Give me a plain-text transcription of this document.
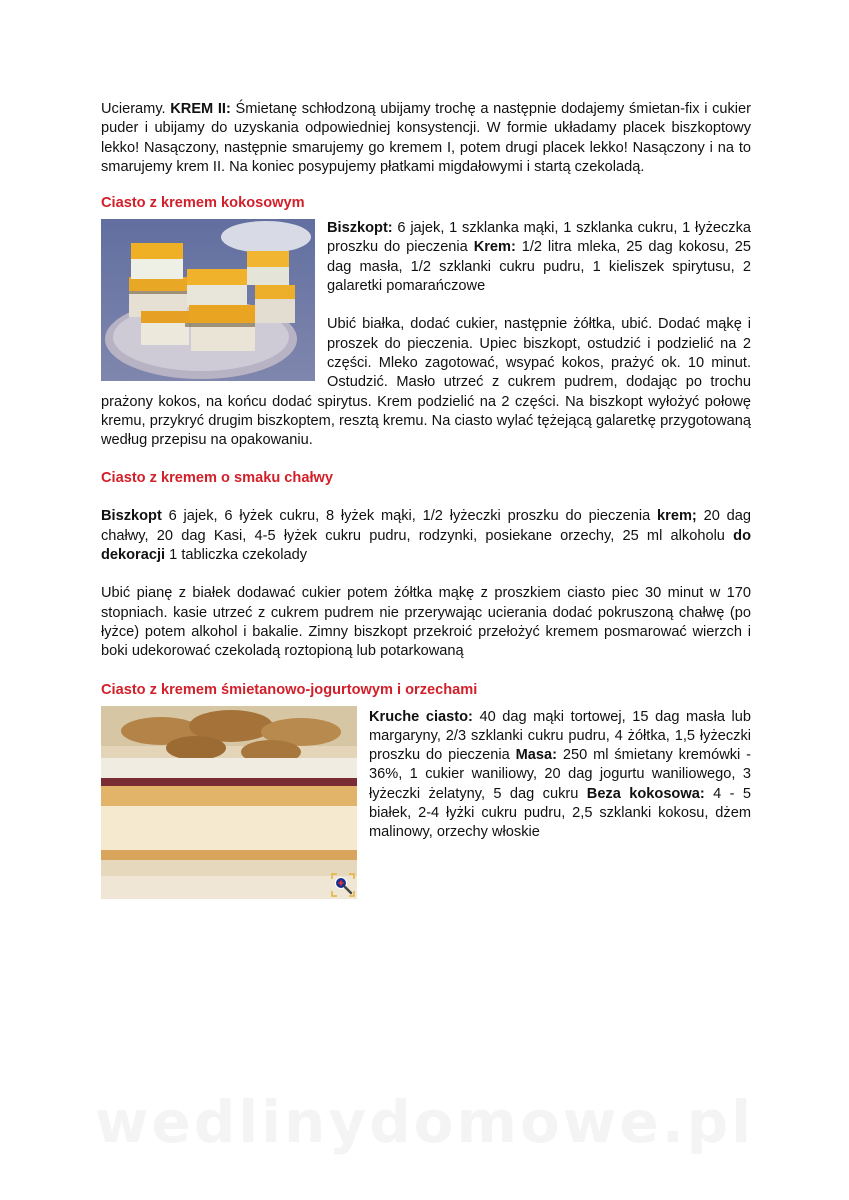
Ucieramy. KREM II: Śmietanę schłodzoną ubijamy trochę a następnie dodajemy śmietan-fix i cukier puder i ubijamy do uzyskania odpowiedniej konsystencji. W formie układamy placek biszkoptowy lekko! Nasączony, następnie smarujemy go kremem I, potem drugi placek lekko! Nasączony i na to smarujemy krem II. Na koniec posypujemy płatkami migdałowymi i startą czekoladą.

Ciasto z kremem kokosowym

Biszkopt: 6 jajek, 1 szklanka mąki, 1 szklanka cukru, 1 łyżeczka proszku do pieczenia Krem: 1/2 litra mleka, 25 dag kokosu, 25 dag masła, 1/2 szklanki cukru pudru, 1 kieliszek spirytusu, 2 galaretki pomarańczowe

Ubić białka, dodać cukier, następnie żółtka, ubić. Dodać mąkę i proszek do pieczenia. Upiec biszkopt, ostudzić i podzielić na 2 części. Mleko zagotować, wsypać kokos, prażyć ok. 10 minut. Ostudzić. Masło utrzeć z cukrem pudrem, dodając po trochu prażony kokos, na końcu dodać spirytus. Krem podzielić na 2 części. Na biszkopt wyłożyć połowę kremu, przykryć drugim biszkoptem, resztą kremu. Na ciasto wylać tężejącą galaretkę przygotowaną według przepisu na opakowaniu.

Ciasto z kremem o smaku chałwy

Biszkopt 6 jajek, 6 łyżek cukru, 8 łyżek mąki, 1/2 łyżeczki proszku do pieczenia krem; 20 dag chałwy, 20 dag Kasi, 4-5 łyżek cukru pudru, rodzynki, posiekane orzechy, 25 ml alkoholu do dekoracji 1 tabliczka czekolady

Ubić pianę z białek dodawać cukier potem żółtka mąkę z proszkiem ciasto piec 30 minut w 170 stopniach. kasie utrzeć z cukrem pudrem nie przerywając ucierania dodać pokruszoną chałwę (po łyżce) potem alkohol i bakalie. Zimny biszkopt przekroić przełożyć kremem posmarować wierzch i boki udekorować czekoladą roztopioną lub potarkowaną

Ciasto z kremem śmietanowo-jogurtowym i orzechami

Kruche ciasto: 40 dag mąki tortowej, 15 dag masła lub margaryny, 2/3 szklanki cukru pudru, 4 żółtka, 1,5 łyżeczki proszku do pieczenia Masa: 250 ml śmietany kremówki - 36%, 1 cukier waniliowy, 20 dag jogurtu waniliowego, 3 łyżeczki żelatyny, 5 dag cukru Beza kokosowa: 4 - 5 białek, 2-4 łyżki cukru pudru, 2,5 szklanki kokosu, dżem malinowy, orzechy włoskie

wedlinydomowe.pl
